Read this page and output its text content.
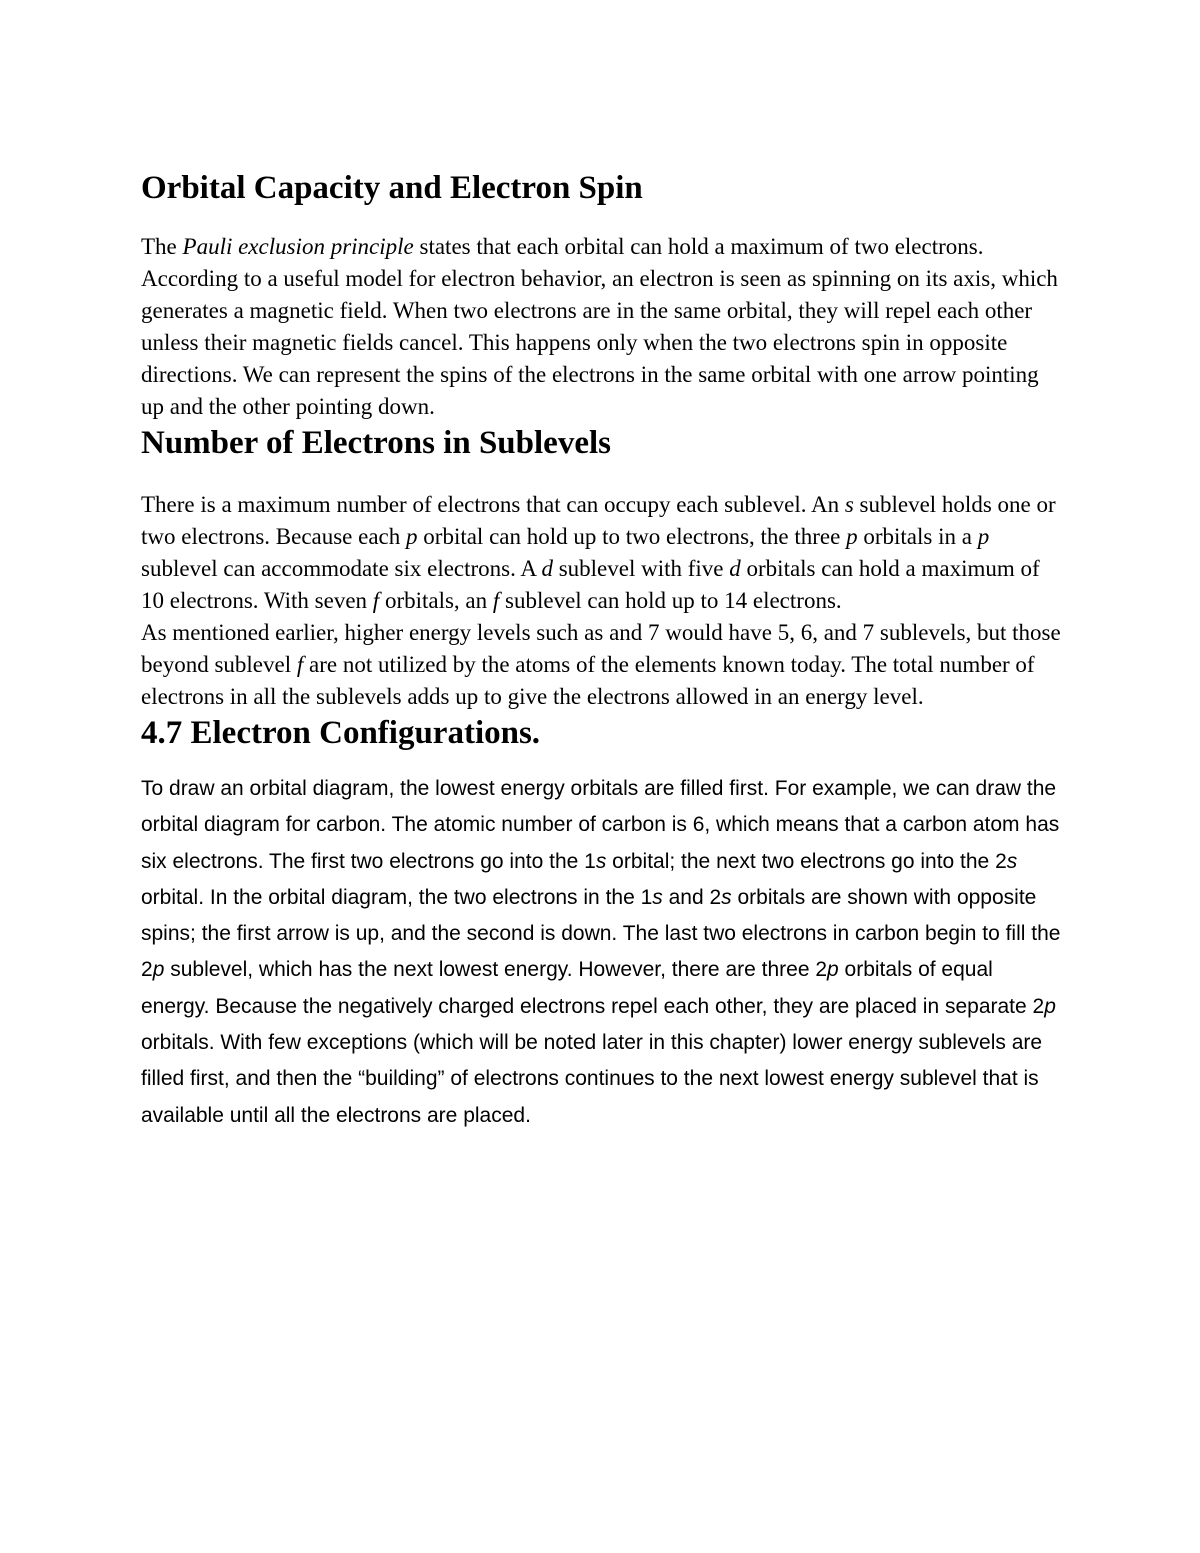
Orbital Capacity and Electron Spin

The Pauli exclusion principle states that each orbital can hold a maximum of two electrons. According to a useful model for electron behavior, an electron is seen as spinning on its axis, which generates a magnetic field. When two electrons are in the same orbital, they will repel each other unless their magnetic fields cancel. This happens only when the two electrons spin in opposite directions. We can represent the spins of the electrons in the same orbital with one arrow pointing up and the other pointing down.

Number of Electrons in Sublevels

There is a maximum number of electrons that can occupy each sublevel. An s sublevel holds one or two electrons. Because each p orbital can hold up to two electrons, the three p orbitals in a p sublevel can accommodate six electrons. A d sublevel with five d orbitals can hold a maximum of 10 electrons. With seven f orbitals, an f sublevel can hold up to 14 electrons.

As mentioned earlier, higher energy levels such as and 7 would have 5, 6, and 7 sublevels, but those beyond sublevel f are not utilized by the atoms of the elements known today. The total number of electrons in all the sublevels adds up to give the electrons allowed in an energy level.

4.7 Electron Configurations.

To draw an orbital diagram, the lowest energy orbitals are filled first. For example, we can draw the orbital diagram for carbon. The atomic number of carbon is 6, which means that a carbon atom has six electrons. The first two electrons go into the 1s orbital; the next two electrons go into the 2s orbital. In the orbital diagram, the two electrons in the 1s and 2s orbitals are shown with opposite spins; the first arrow is up, and the second is down. The last two electrons in carbon begin to fill the 2p sublevel, which has the next lowest energy. However, there are three 2p orbitals of equal energy. Because the negatively charged electrons repel each other, they are placed in separate 2p orbitals. With few exceptions (which will be noted later in this chapter) lower energy sublevels are filled first, and then the “building” of electrons continues to the next lowest energy sublevel that is available until all the electrons are placed.
